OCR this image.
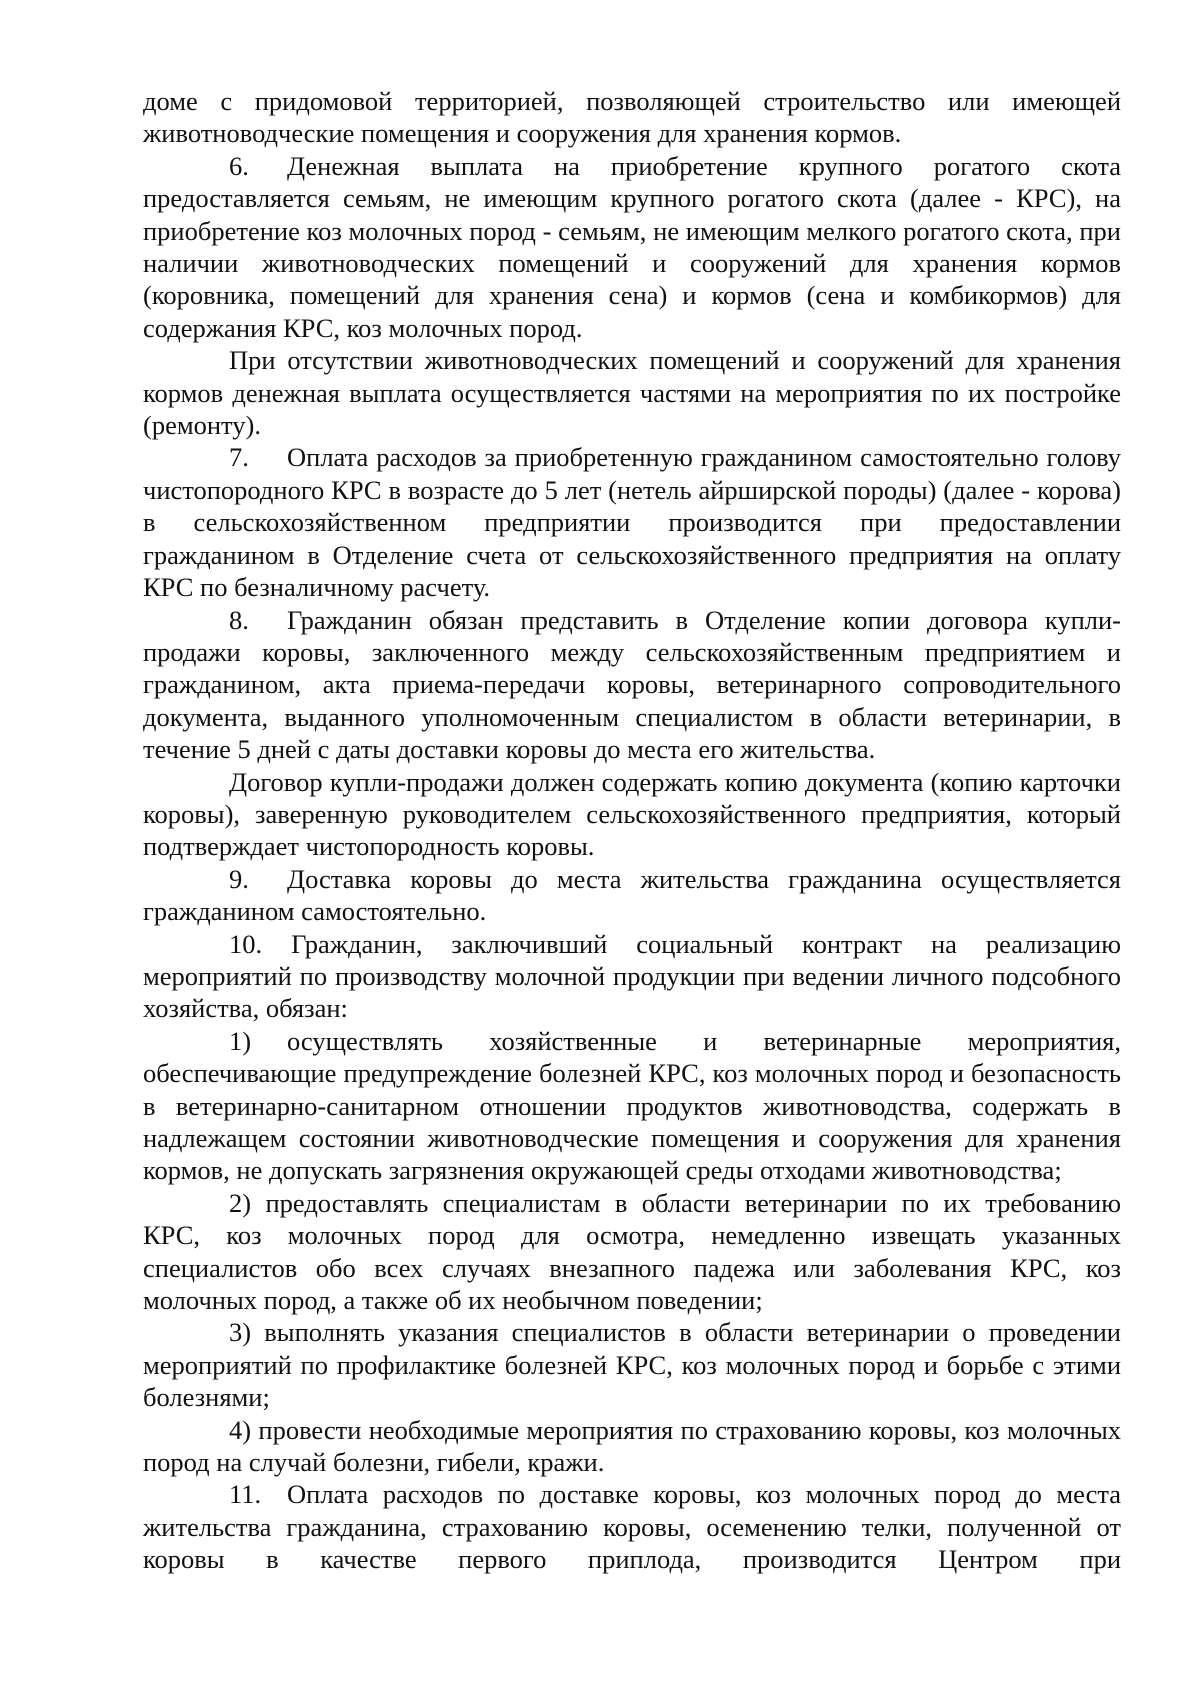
доме с придомовой территорией, позволяющей строительство или имеющей животноводческие помещения и сооружения для хранения кормов.

6. Денежная выплата на приобретение крупного рогатого скота предоставляется семьям, не имеющим крупного рогатого скота (далее - КРС), на приобретение коз молочных пород - семьям, не имеющим мелкого рогатого скота, при наличии животноводческих помещений и сооружений для хранения кормов (коровника, помещений для хранения сена) и кормов (сена и комбикормов) для содержания КРС, коз молочных пород.

При отсутствии животноводческих помещений и сооружений для хранения кормов денежная выплата осуществляется частями на мероприятия по их постройке (ремонту).

7. Оплата расходов за приобретенную гражданином самостоятельно голову чистопородного КРС в возрасте до 5 лет (нетель айрширской породы) (далее - корова) в сельскохозяйственном предприятии производится при предоставлении гражданином в Отделение счета от сельскохозяйственного предприятия на оплату КРС по безналичному расчету.

8. Гражданин обязан представить в Отделение копии договора купли-продажи коровы, заключенного между сельскохозяйственным предприятием и гражданином, акта приема-передачи коровы, ветеринарного сопроводительного документа, выданного уполномоченным специалистом в области ветеринарии, в течение 5 дней с даты доставки коровы до места его жительства.

Договор купли-продажи должен содержать копию документа (копию карточки коровы), заверенную руководителем сельскохозяйственного предприятия, который подтверждает чистопородность коровы.

9. Доставка коровы до места жительства гражданина осуществляется гражданином самостоятельно.

10. Гражданин, заключивший социальный контракт на реализацию мероприятий по производству молочной продукции при ведении личного подсобного хозяйства, обязан:

1) осуществлять хозяйственные и ветеринарные мероприятия, обеспечивающие предупреждение болезней КРС, коз молочных пород и безопасность в ветеринарно-санитарном отношении продуктов животноводства, содержать в надлежащем состоянии животноводческие помещения и сооружения для хранения кормов, не допускать загрязнения окружающей среды отходами животноводства;

2) предоставлять специалистам в области ветеринарии по их требованию КРС, коз молочных пород для осмотра, немедленно извещать указанных специалистов обо всех случаях внезапного падежа или заболевания КРС, коз молочных пород, а также об их необычном поведении;

3) выполнять указания специалистов в области ветеринарии о проведении мероприятий по профилактике болезней КРС, коз молочных пород и борьбе с этими болезнями;

4) провести необходимые мероприятия по страхованию коровы, коз молочных пород на случай болезни, гибели, кражи.

11. Оплата расходов по доставке коровы, коз молочных пород до места жительства гражданина, страхованию коровы, осеменению телки, полученной от коровы в качестве первого приплода, производится Центром при
